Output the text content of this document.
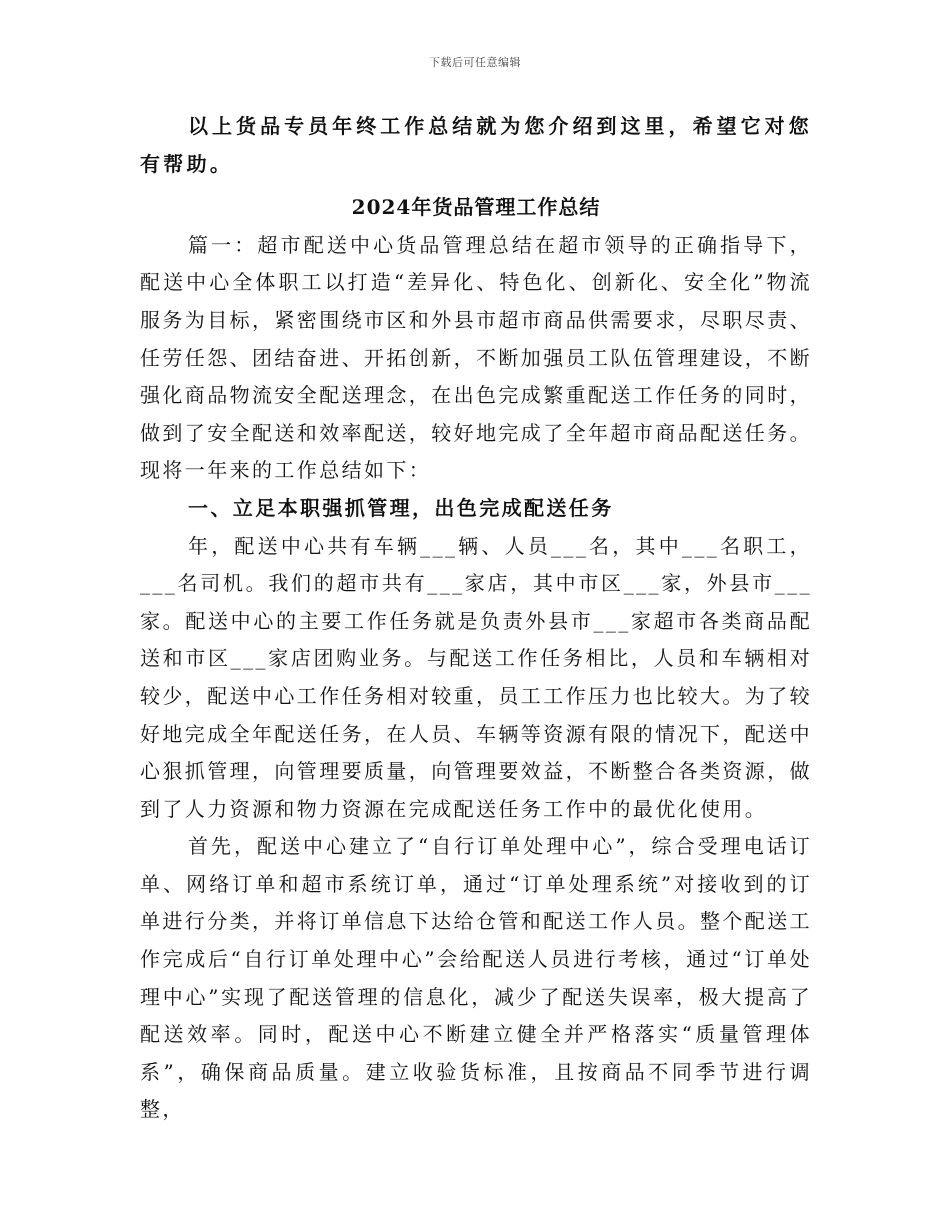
下载后可任意编辑

以上货品专员年终工作总结就为您介绍到这里，希望它对您有帮助。

2024年货品管理工作总结

篇一：超市配送中心货品管理总结在超市领导的正确指导下，配送中心全体职工以打造“差异化、特色化、创新化、安全化”物流服务为目标，紧密围绕市区和外县市超市商品供需要求，尽职尽责、任劳任怨、团结奋进、开拓创新，不断加强员工队伍管理建设，不断强化商品物流安全配送理念，在出色完成繁重配送工作任务的同时，做到了安全配送和效率配送，较好地完成了全年超市商品配送任务。现将一年来的工作总结如下：

一、立足本职强抓管理，出色完成配送任务

年，配送中心共有车辆___辆、人员___名，其中___名职工，___名司机。我们的超市共有___家店，其中市区___家，外县市___家。配送中心的主要工作任务就是负责外县市___家超市各类商品配送和市区___家店团购业务。与配送工作任务相比，人员和车辆相对较少，配送中心工作任务相对较重，员工工作压力也比较大。为了较好地完成全年配送任务，在人员、车辆等资源有限的情况下，配送中心狠抓管理，向管理要质量，向管理要效益，不断整合各类资源，做到了人力资源和物力资源在完成配送任务工作中的最优化使用。

首先，配送中心建立了“自行订单处理中心”，综合受理电话订单、网络订单和超市系统订单，通过“订单处理系统”对接收到的订单进行分类，并将订单信息下达给仓管和配送工作人员。整个配送工作完成后“自行订单处理中心”会给配送人员进行考核，通过“订单处理中心”实现了配送管理的信息化，减少了配送失误率，极大提高了配送效率。同时，配送中心不断建立健全并严格落实“质量管理体系”，确保商品质量。建立收验货标准，且按商品不同季节进行调整，
